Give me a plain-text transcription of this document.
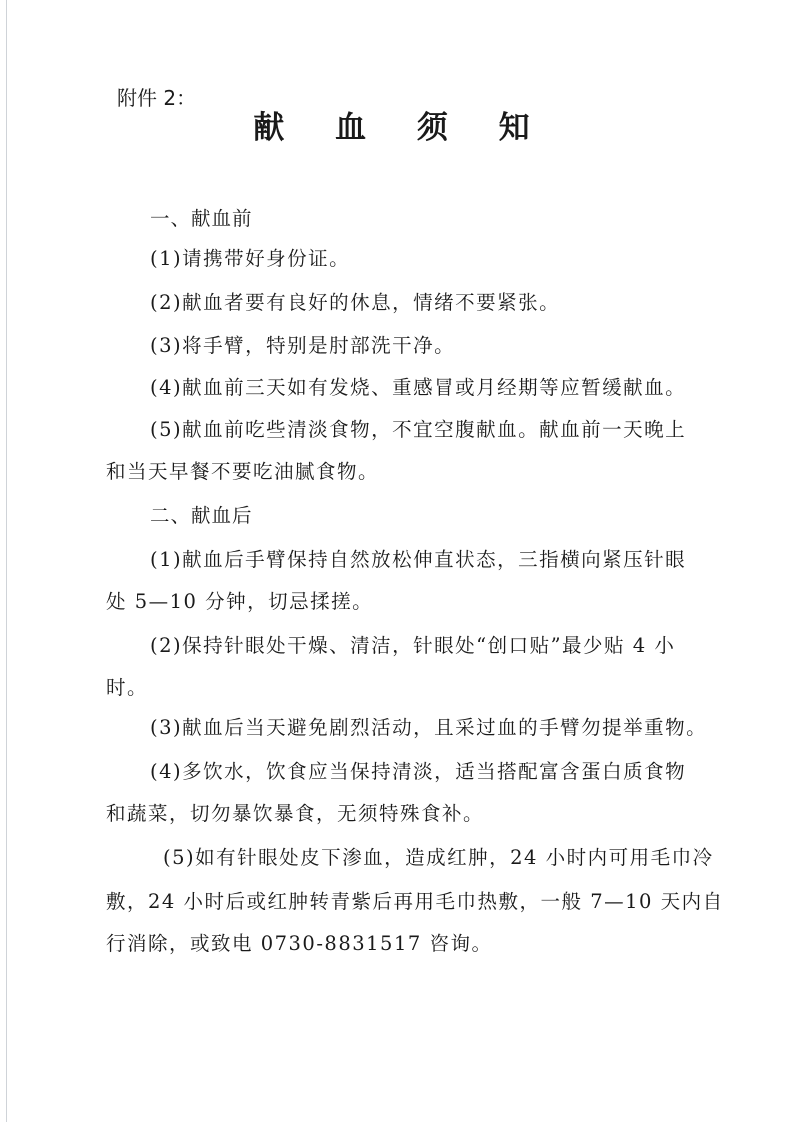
附件 2：
献 血 须 知
一、献血前
(1)请携带好身份证。
(2)献血者要有良好的休息，情绪不要紧张。
(3)将手臂，特别是肘部洗干净。
(4)献血前三天如有发烧、重感冒或月经期等应暂缓献血。
(5)献血前吃些清淡食物，不宜空腹献血。献血前一天晚上
和当天早餐不要吃油腻食物。
二、献血后
(1)献血后手臂保持自然放松伸直状态，三指横向紧压针眼
处 5—10 分钟，切忌揉搓。
(2)保持针眼处干燥、清洁，针眼处“创口贴”最少贴 4 小
时。
(3)献血后当天避免剧烈活动，且采过血的手臂勿提举重物。
(4)多饮水，饮食应当保持清淡，适当搭配富含蛋白质食物
和蔬菜，切勿暴饮暴食，无须特殊食补。
(5)如有针眼处皮下渗血，造成红肿，24 小时内可用毛巾冷
敷，24 小时后或红肿转青紫后再用毛巾热敷，一般 7—10 天内自
行消除，或致电 0730-8831517 咨询。
